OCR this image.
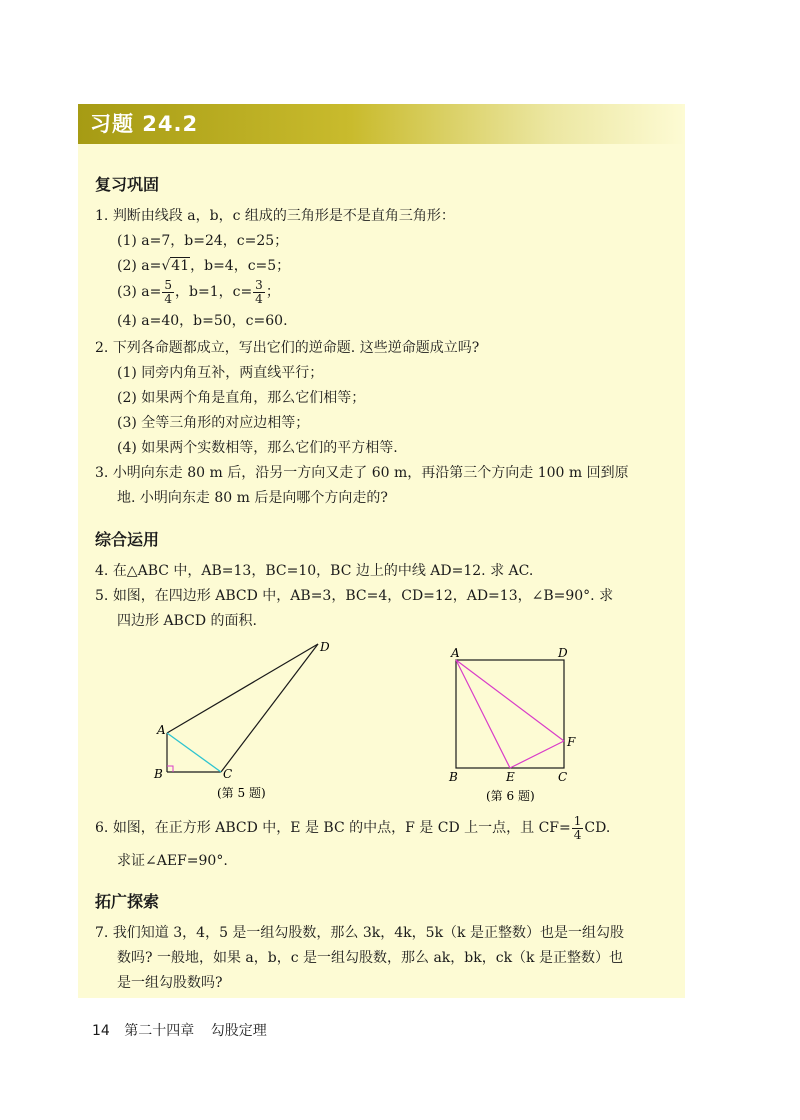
习题 24.2
复习巩固
1. 判断由线段 a，b，c 组成的三角形是不是直角三角形：
(1) a=7，b=24，c=25；
(2) a=√41，b=4，c=5；
(3) $a= \frac{5}{4}$ ，b=1，$c= \frac{3}{4}$ ；
(4) a=40，b=50，c=60.
2. 下列各命题都成立，写出它们的逆命题. 这些逆命题成立吗?
(1) 同旁内角互补，两直线平行；
(2) 如果两个角是直角，那么它们相等；
(3) 全等三角形的对应边相等；
(4) 如果两个实数相等，那么它们的平方相等.
3. 小明向东走 80 m 后，沿另一方向又走了 60 m，再沿第三个方向走 100 m 回到原
地. 小明向东走 80 m 后是向哪个方向走的?
综合运用
4. 在△ABC 中，AB=13，BC=10，BC 边上的中线 AD=12. 求 AC.
5. 如图，在四边形 ABCD 中，AB=3，BC=4，CD=12，AD=13，∠B=90°. 求
四边形 ABCD 的面积.
A
B	C
D
(第 5 题)
A	D
B	E	C
F
(第 6 题)
6. 如图，在正方形 ABCD 中，E 是 BC 的中点，F 是 CD 上一点，且 $CF= \frac{1}{4}$ CD.
求证∠AEF=90°.
拓广探索
7. 我们知道 3，4，5 是一组勾股数，那么 3k，4k，5k（k 是正整数）也是一组勾股
数吗? 一般地，如果 a，b，c 是一组勾股数，那么 ak，bk，ck（k 是正整数）也
是一组勾股数吗?
14 第二十四章 勾股定理
